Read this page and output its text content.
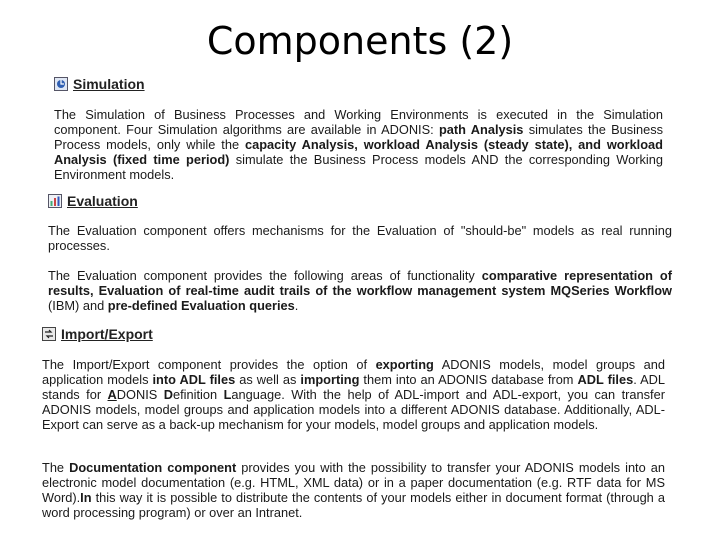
Components (2)
Simulation

The Simulation of Business Processes and Working Environments is executed in the Simulation component. Four Simulation algorithms are available in ADONIS: path Analysis simulates the Business Process models, only while the capacity Analysis, workload Analysis (steady state), and workload Analysis (fixed time period) simulate the Business Process models AND the corresponding Working Environment models.

Evaluation

The Evaluation component offers mechanisms for the Evaluation of "should-be" models as real running processes.

The Evaluation component provides the following areas of functionality comparative representation of results, Evaluation of real-time audit trails of the workflow management system MQSeries Workflow (IBM) and pre-defined Evaluation queries.

Import/Export

The Import/Export component provides the option of exporting ADONIS models, model groups and application models into ADL files as well as importing them into an ADONIS database from ADL files. ADL stands for ADONIS Definition Language. With the help of ADL-import and ADL-export, you can transfer ADONIS models, model groups and application models into a different ADONIS database. Additionally, ADL-Export can serve as a back-up mechanism for your models, model groups and application models.

The Documentation component provides you with the possibility to transfer your ADONIS models into an electronic model documentation (e.g. HTML, XML data) or in a paper documentation (e.g. RTF data for MS Word).In this way it is possible to distribute the contents of your models either in document format (through a word processing program) or over an Intranet.
